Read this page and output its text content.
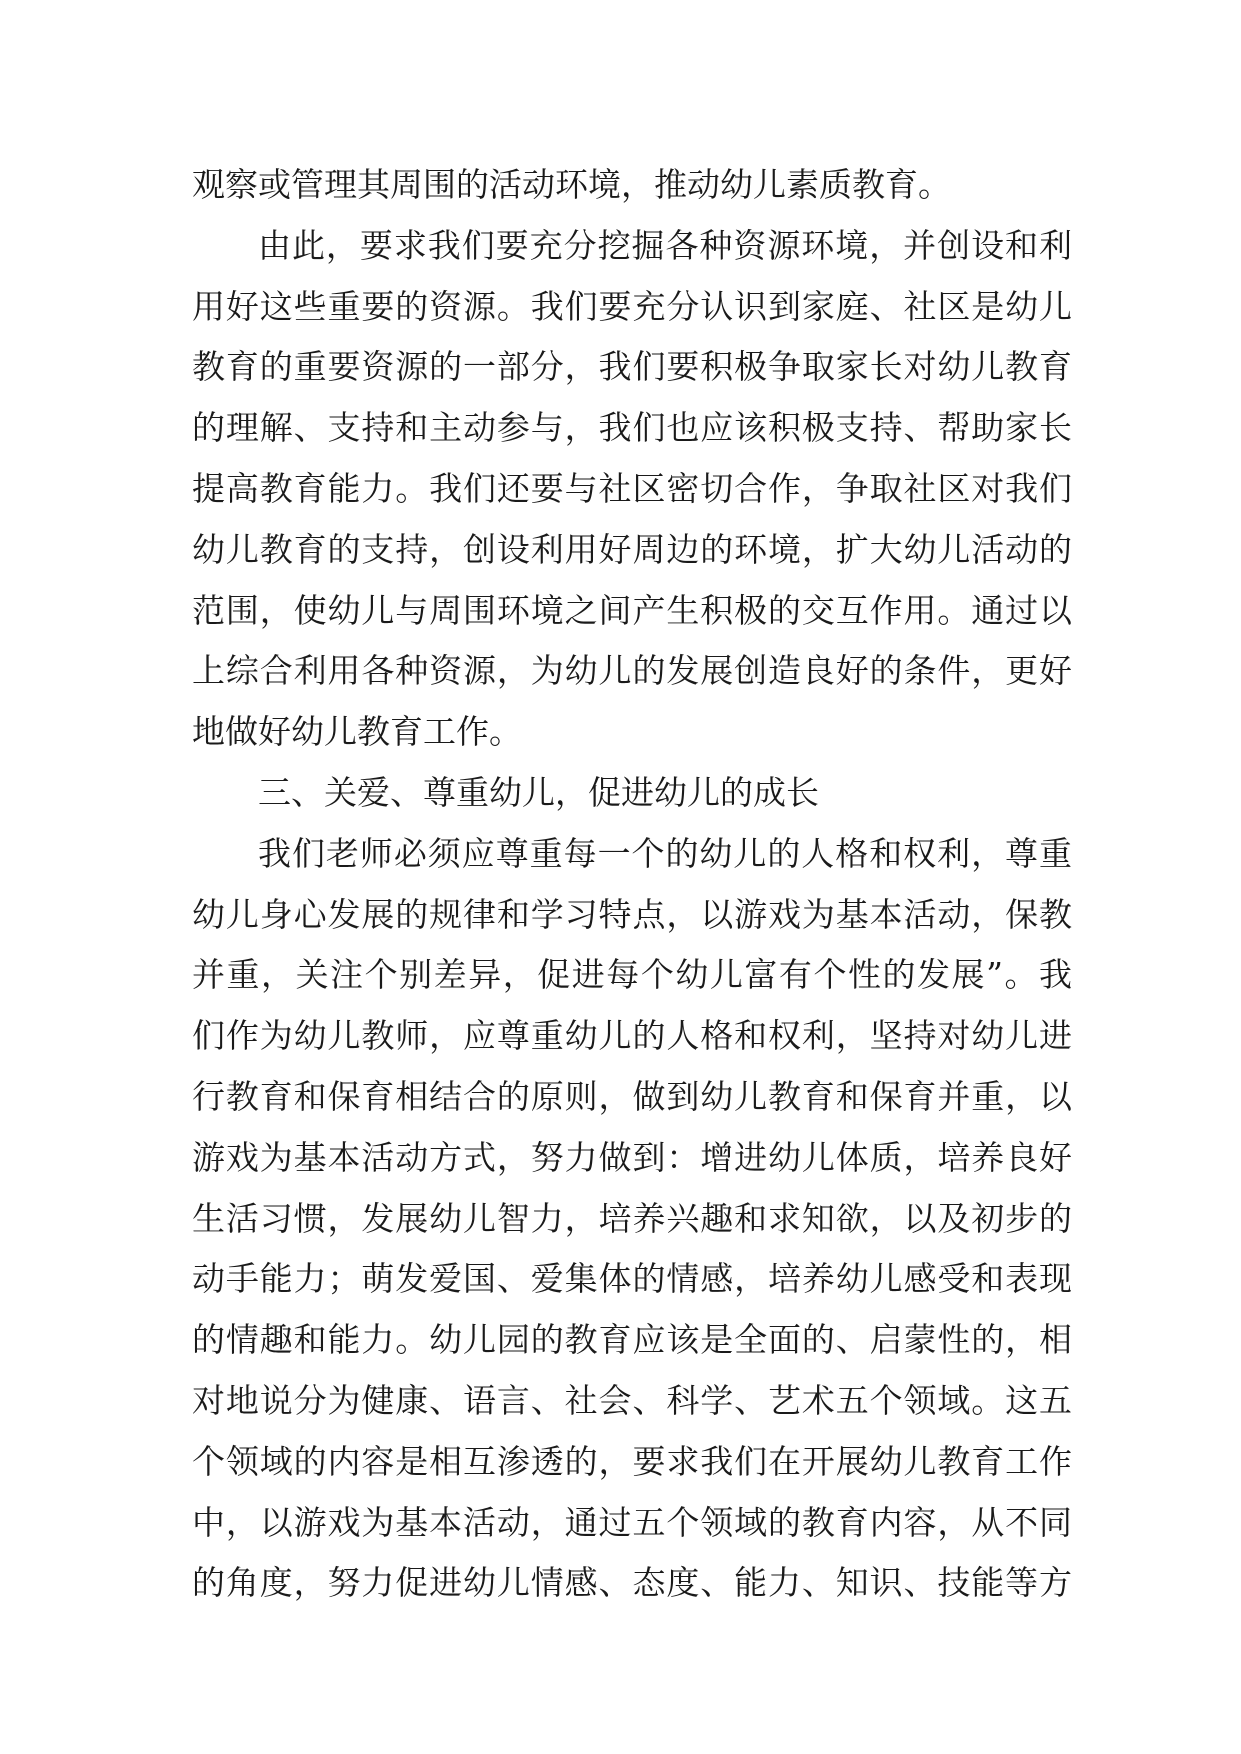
观察或管理其周围的活动环境，推动幼儿素质教育。
由此，要求我们要充分挖掘各种资源环境，并创设和利
用好这些重要的资源。我们要充分认识到家庭、社区是幼儿
教育的重要资源的一部分，我们要积极争取家长对幼儿教育
的理解、支持和主动参与，我们也应该积极支持、帮助家长
提高教育能力。我们还要与社区密切合作，争取社区对我们
幼儿教育的支持，创设利用好周边的环境，扩大幼儿活动的
范围，使幼儿与周围环境之间产生积极的交互作用。通过以
上综合利用各种资源，为幼儿的发展创造良好的条件，更好
地做好幼儿教育工作。
三、关爱、尊重幼儿，促进幼儿的成长
我们老师必须应尊重每一个的幼儿的人格和权利，尊重
幼儿身心发展的规律和学习特点，以游戏为基本活动，保教
并重，关注个别差异，促进每个幼儿富有个性的发展”。我
们作为幼儿教师，应尊重幼儿的人格和权利，坚持对幼儿进
行教育和保育相结合的原则，做到幼儿教育和保育并重，以
游戏为基本活动方式，努力做到：增进幼儿体质，培养良好
生活习惯，发展幼儿智力，培养兴趣和求知欲，以及初步的
动手能力；萌发爱国、爱集体的情感，培养幼儿感受和表现
的情趣和能力。幼儿园的教育应该是全面的、启蒙性的，相
对地说分为健康、语言、社会、科学、艺术五个领域。这五
个领域的内容是相互渗透的，要求我们在开展幼儿教育工作
中，以游戏为基本活动，通过五个领域的教育内容，从不同
的角度，努力促进幼儿情感、态度、能力、知识、技能等方
